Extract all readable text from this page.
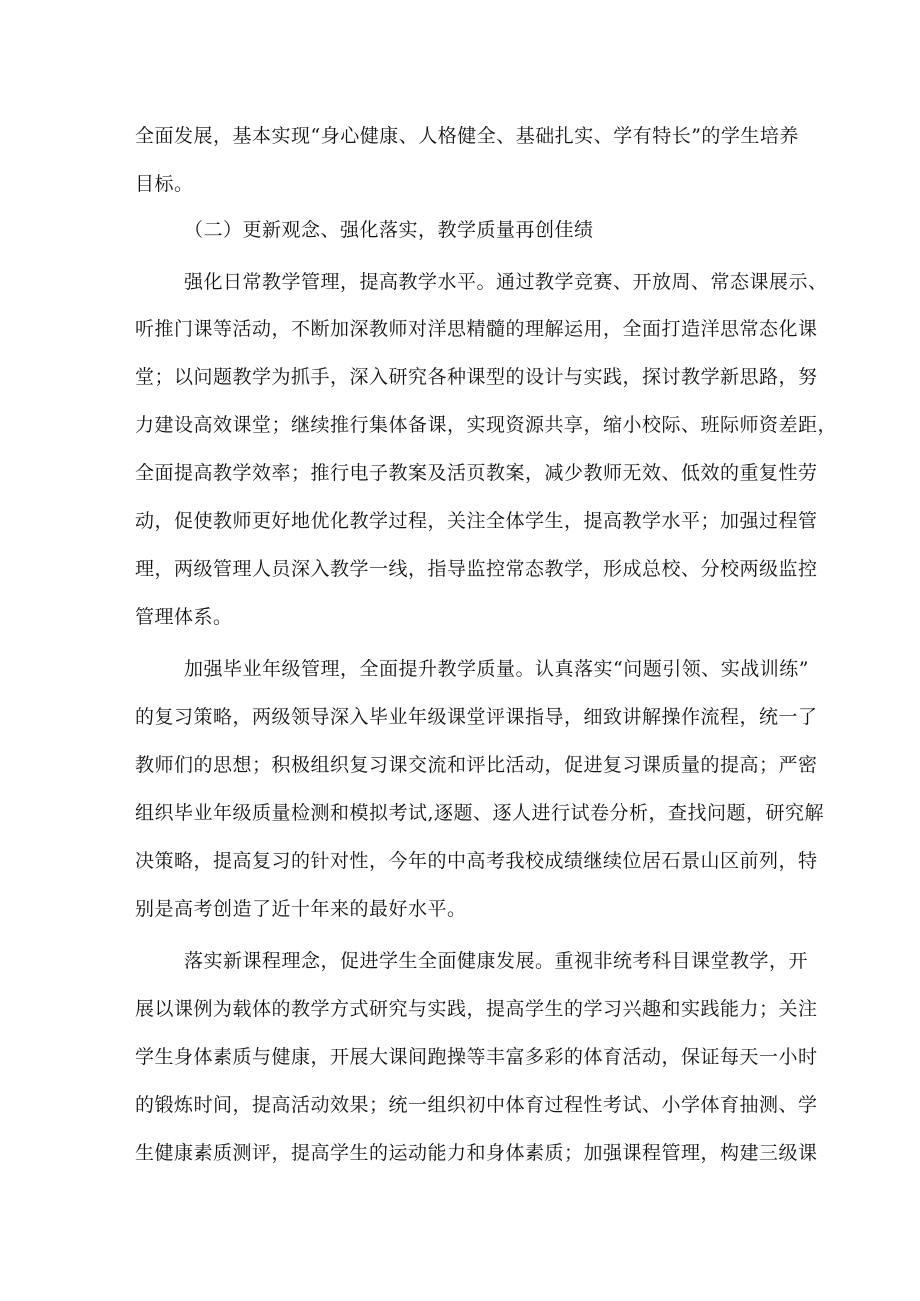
全面发展，基本实现“身心健康、人格健全、基础扎实、学有特长”的学生培养
目标。
（二）更新观念、强化落实，教学质量再创佳绩
强化日常教学管理，提高教学水平。通过教学竞赛、开放周、常态课展示、
听推门课等活动，不断加深教师对洋思精髓的理解运用，全面打造洋思常态化课
堂；以问题教学为抓手，深入研究各种课型的设计与实践，探讨教学新思路，努
力建设高效课堂；继续推行集体备课，实现资源共享，缩小校际、班际师资差距，
全面提高教学效率；推行电子教案及活页教案，减少教师无效、低效的重复性劳
动，促使教师更好地优化教学过程，关注全体学生，提高教学水平；加强过程管
理，两级管理人员深入教学一线，指导监控常态教学，形成总校、分校两级监控
管理体系。
加强毕业年级管理，全面提升教学质量。认真落实“问题引领、实战训练”
的复习策略，两级领导深入毕业年级课堂评课指导，细致讲解操作流程，统一了
教师们的思想；积极组织复习课交流和评比活动，促进复习课质量的提高；严密
组织毕业年级质量检测和模拟考试,逐题、逐人进行试卷分析，查找问题，研究解
决策略，提高复习的针对性，今年的中高考我校成绩继续位居石景山区前列，特
别是高考创造了近十年来的最好水平。
落实新课程理念，促进学生全面健康发展。重视非统考科目课堂教学，开
展以课例为载体的教学方式研究与实践，提高学生的学习兴趣和实践能力；关注
学生身体素质与健康，开展大课间跑操等丰富多彩的体育活动，保证每天一小时
的锻炼时间，提高活动效果；统一组织初中体育过程性考试、小学体育抽测、学
生健康素质测评，提高学生的运动能力和身体素质；加强课程管理，构建三级课
